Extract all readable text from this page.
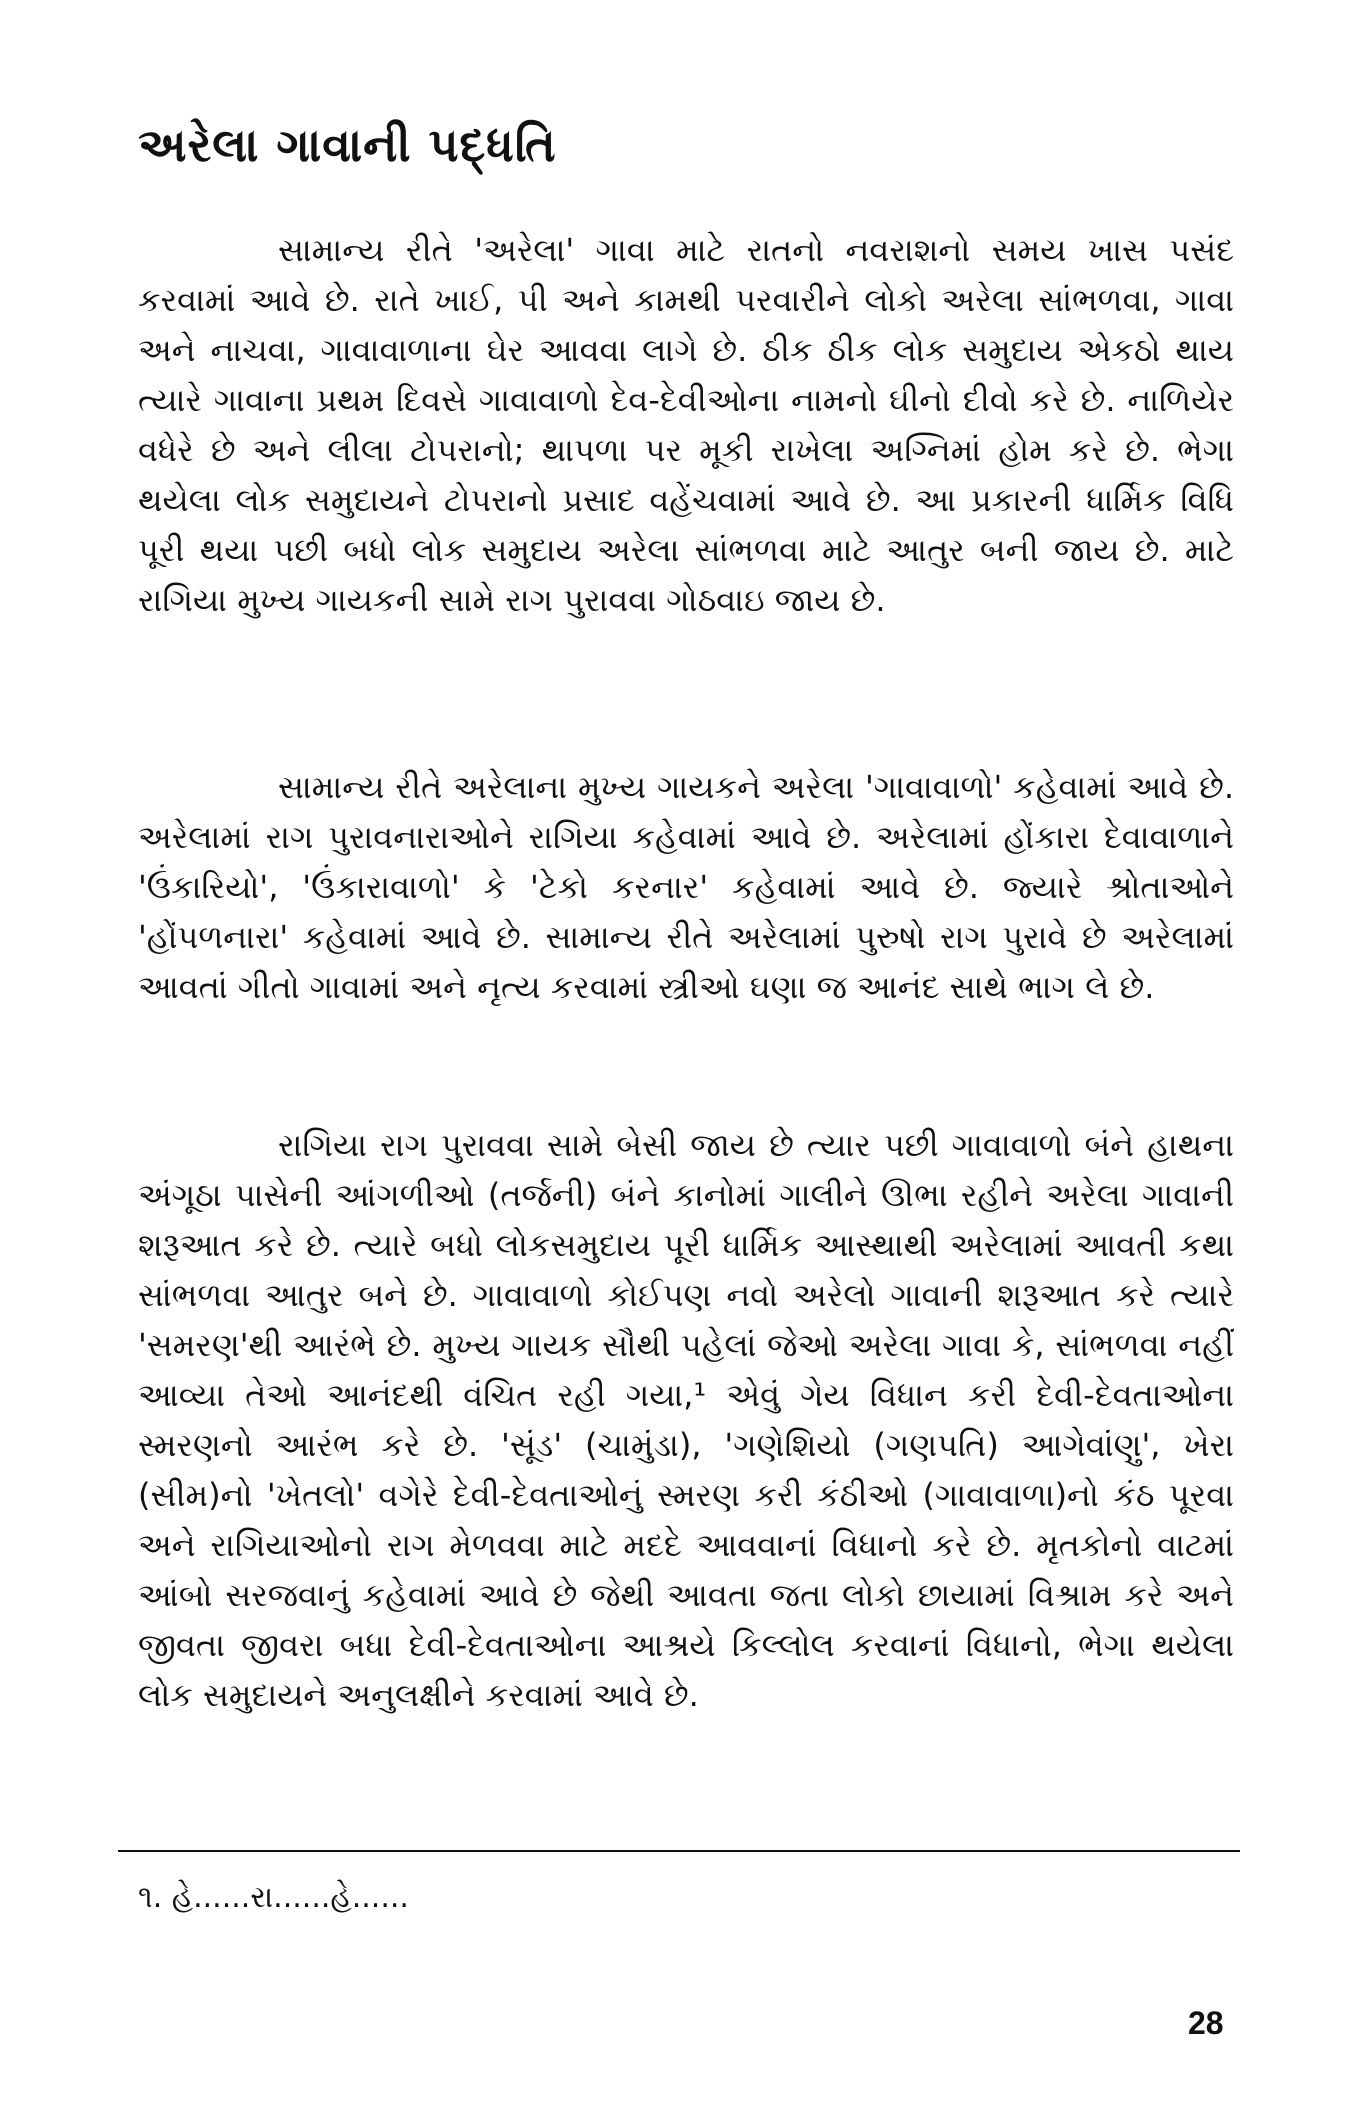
અરેલા ગાવાની પદ્ધતિ

સામાન્ય રીતે 'અરેલા' ગાવા માટે રાતનો નવરાશનો સમય ખાસ પસંદ કરવામાં આવે છે. રાતે ખાઈ, પી અને કામથી પરવારીને લોકો અરેલા સાંભળવા, ગાવા અને નાચવા, ગાવાવાળાના ઘેર આવવા લાગે છે. ઠીક ઠીક લોક સમુદાય એકઠો થાય ત્યારે ગાવાના પ્રથમ દિવસે ગાવાવાળો દેવ-દેવીઓના નામનો ઘીનો દીવો કરે છે. નાળિયેર વધેરે છે અને લીલા ટોપરાનો; થાપળા પર મૂકી રાખેલા અગ્નિમાં હોમ કરે છે. ભેગા થયેલા લોક સમુદાયને ટોપરાનો પ્રસાદ વહેંચવામાં આવે છે. આ પ્રકારની ધાર્મિક વિધિ પૂરી થયા પછી બધો લોક સમુદાય અરેલા સાંભળવા માટે આતુર બની જાય છે. માટે રાગિયા મુખ્ય ગાયકની સામે રાગ પુરાવવા ગોઠવાઇ જાય છે.

સામાન્ય રીતે અરેલાના મુખ્ય ગાયકને અરેલા 'ગાવાવાળો' કહેવામાં આવે છે. અરેલામાં રાગ પુરાવનારાઓને રાગિયા કહેવામાં આવે છે. અરેલામાં હોંકારા દેવાવાળાને 'ઉંકારિયો', 'ઉંકારાવાળો' કે 'ટેકો કરનાર' કહેવામાં આવે છે. જ્યારે શ્રોતાઓને 'હોંપળનારા' કહેવામાં આવે છે. સામાન્ય રીતે અરેલામાં પુરુષો રાગ પુરાવે છે અરેલામાં આવતાં ગીતો ગાવામાં અને નૃત્ય કરવામાં સ્ત્રીઓ ઘણા જ આનંદ સાથે ભાગ લે છે.

રાગિયા રાગ પુરાવવા સામે બેસી જાય છે ત્યાર પછી ગાવાવાળો બંને હાથના અંગૂઠા પાસેની આંગળીઓ (તર્જની) બંને કાનોમાં ગાલીને ઊભા રહીને અરેલા ગાવાની શરૂઆત કરે છે. ત્યારે બધો લોકસમુદાય પૂરી ધાર્મિક આસ્થાથી અરેલામાં આવતી કથા સાંભળવા આતુર બને છે. ગાવાવાળો કોઈપણ નવો અરેલો ગાવાની શરૂઆત કરે ત્યારે 'સમરણ'થી આરંભે છે. મુખ્ય ગાયક સૌથી પહેલાં જેઓ અરેલા ગાવા કે, સાંભળવા નહીં આવ્યા તેઓ આનંદથી વંચિત રહી ગયા,¹ એવું ગેય વિધાન કરી દેવી-દેવતાઓના સ્મરણનો આરંભ કરે છે. 'સૂંડ' (ચામુંડા), 'ગણેશિયો (ગણપતિ) આગેવાંણુ', ખેરા (સીમ)નો 'ખેતલો' વગેરે દેવી-દેવતાઓનું સ્મરણ કરી કંઠીઓ (ગાવાવાળા)નો કંઠ પૂરવા અને રાગિયાઓનો રાગ મેળવવા માટે મદદે આવવાનાં વિધાનો કરે છે. મૃતકોનો વાટમાં આંબો સરજવાનું કહેવામાં આવે છે જેથી આવતા જતા લોકો છાયામાં વિશ્રામ કરે અને જીવતા જીવરા બધા દેવી-દેવતાઓના આશ્રયે કિલ્લોલ કરવાનાં વિધાનો, ભેગા થયેલા લોક સમુદાયને અનુલક્ષીને કરવામાં આવે છે.

૧. હે......રા......હે......

28
